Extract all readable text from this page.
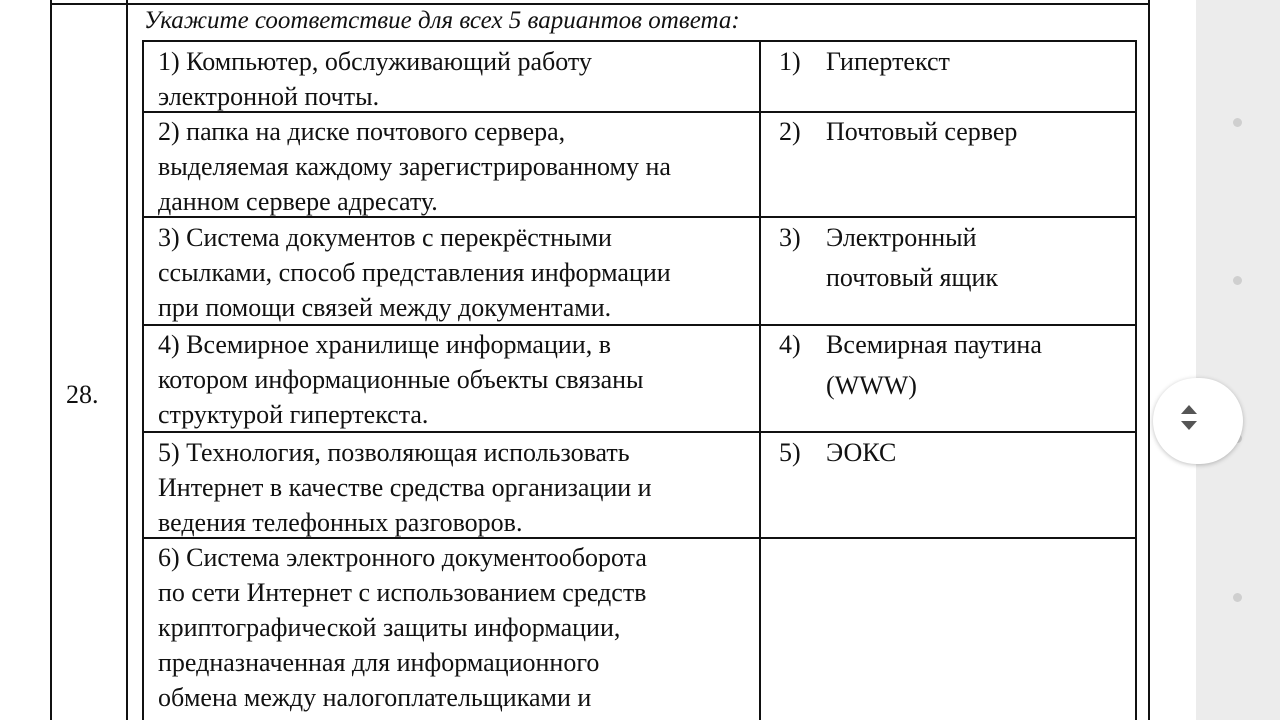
28.
Укажите соответствие для всех 5 вариантов ответа:
1) Компьютер, обслуживающий работу
электронной почты.
2) папка на диске почтового сервера,
выделяемая каждому зарегистрированному на
данном сервере адресату.
3) Система документов с перекрёстными
ссылками, способ представления информации
при помощи связей между документами.
4) Всемирное хранилище информации, в
котором информационные объекты связаны
структурой гипертекста.
5) Технология, позволяющая использовать
Интернет в качестве средства организации и
ведения телефонных разговоров.
6) Система электронного документооборота
по сети Интернет с использованием средств
криптографической защиты информации,
предназначенная для информационного
обмена между налогоплательщиками и
1) Гипертекст
2) Почтовый сервер
3) Электронный
почтовый ящик
4) Всемирная паутина
(WWW)
5) ЭОКС
